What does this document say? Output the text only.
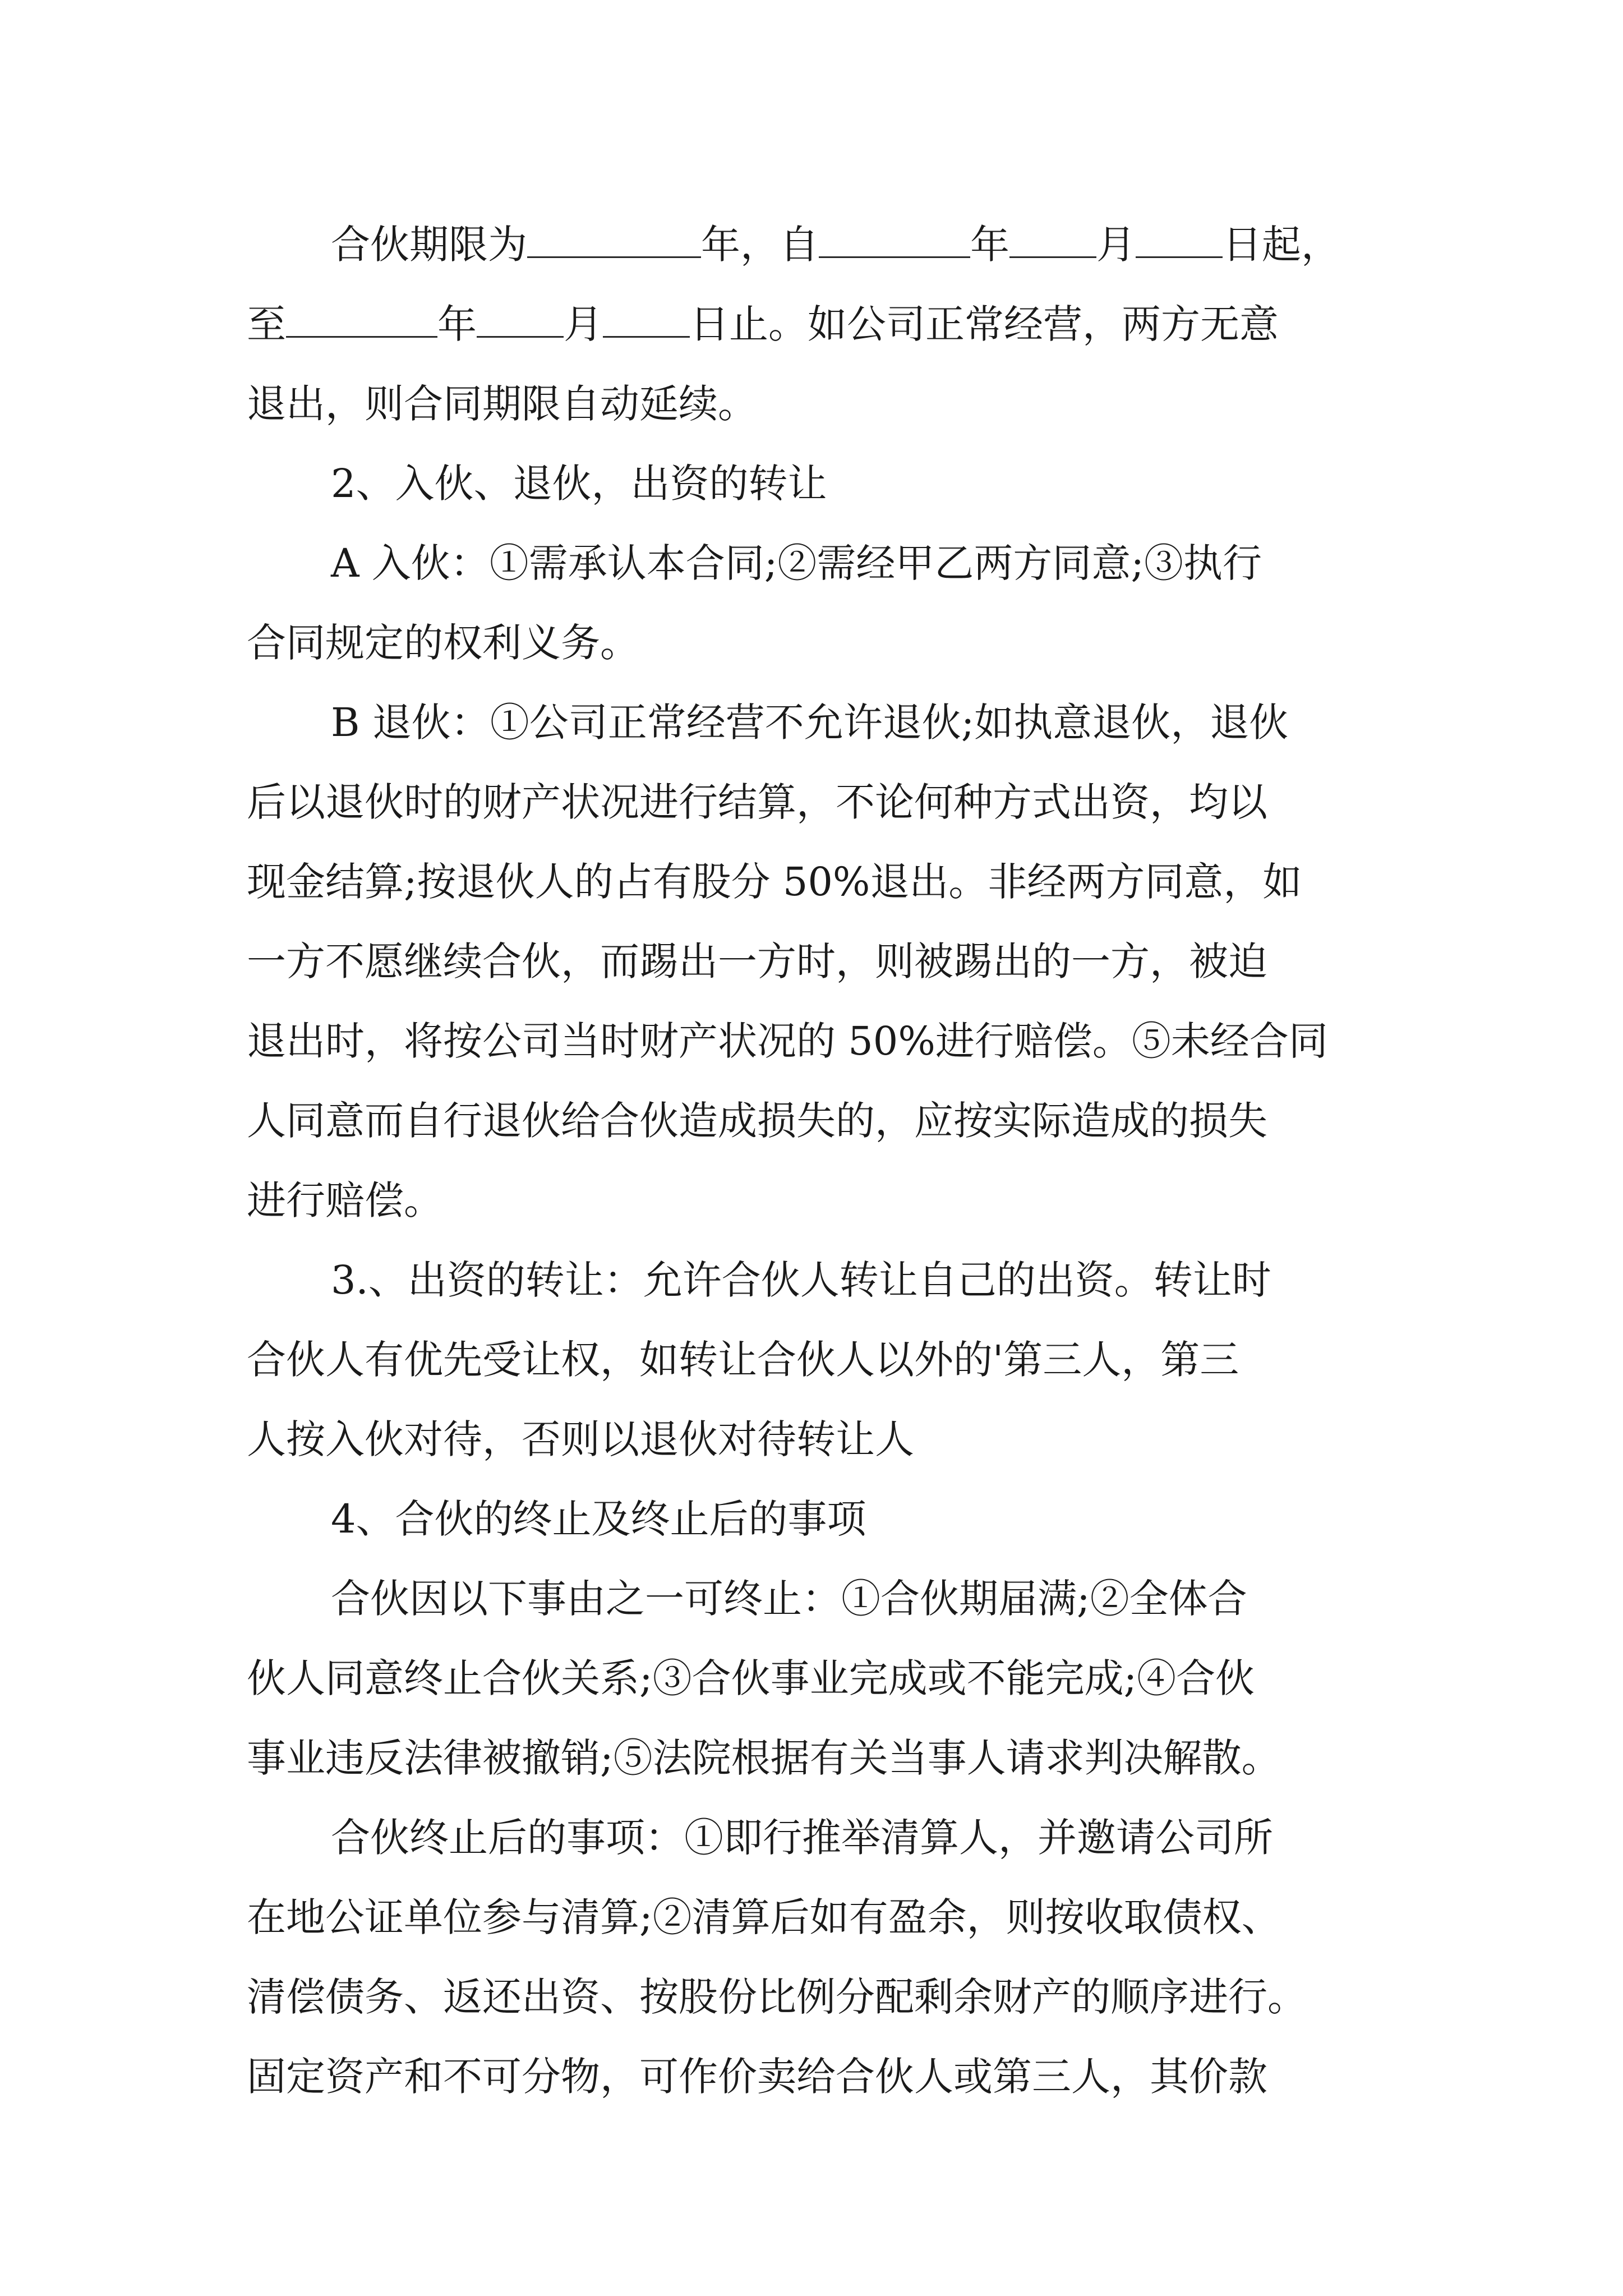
合伙期限为	年，自	年 月 日起，
至	年 月 日止。如公司正常经营，两方无意
退出，则合同期限自动延续。
2、入伙、退伙，出资的转让
A 入伙：①需承认本合同;②需经甲乙两方同意;③执行
合同规定的权利义务。
B 退伙：①公司正常经营不允许退伙;如执意退伙，退伙
后以退伙时的财产状况进行结算，不论何种方式出资，均以
现金结算;按退伙人的占有股分 50%退出。非经两方同意，如
一方不愿继续合伙，而踢出一方时，则被踢出的一方，被迫
退出时，将按公司当时财产状况的 50%进行赔偿。⑤未经合同
人同意而自行退伙给合伙造成损失的，应按实际造成的损失
进行赔偿。
3.、出资的转让：允许合伙人转让自己的出资。转让时
合伙人有优先受让权，如转让合伙人以外的'第三人，第三
人按入伙对待，否则以退伙对待转让人
4、合伙的终止及终止后的事项
合伙因以下事由之一可终止：①合伙期届满;②全体合
伙人同意终止合伙关系;③合伙事业完成或不能完成;④合伙
事业违反法律被撤销;⑤法院根据有关当事人请求判决解散。
合伙终止后的事项：①即行推举清算人，并邀请公司所
在地公证单位参与清算;②清算后如有盈余，则按收取债权、
清偿债务、返还出资、按股份比例分配剩余财产的顺序进行。
固定资产和不可分物，可作价卖给合伙人或第三人，其价款
